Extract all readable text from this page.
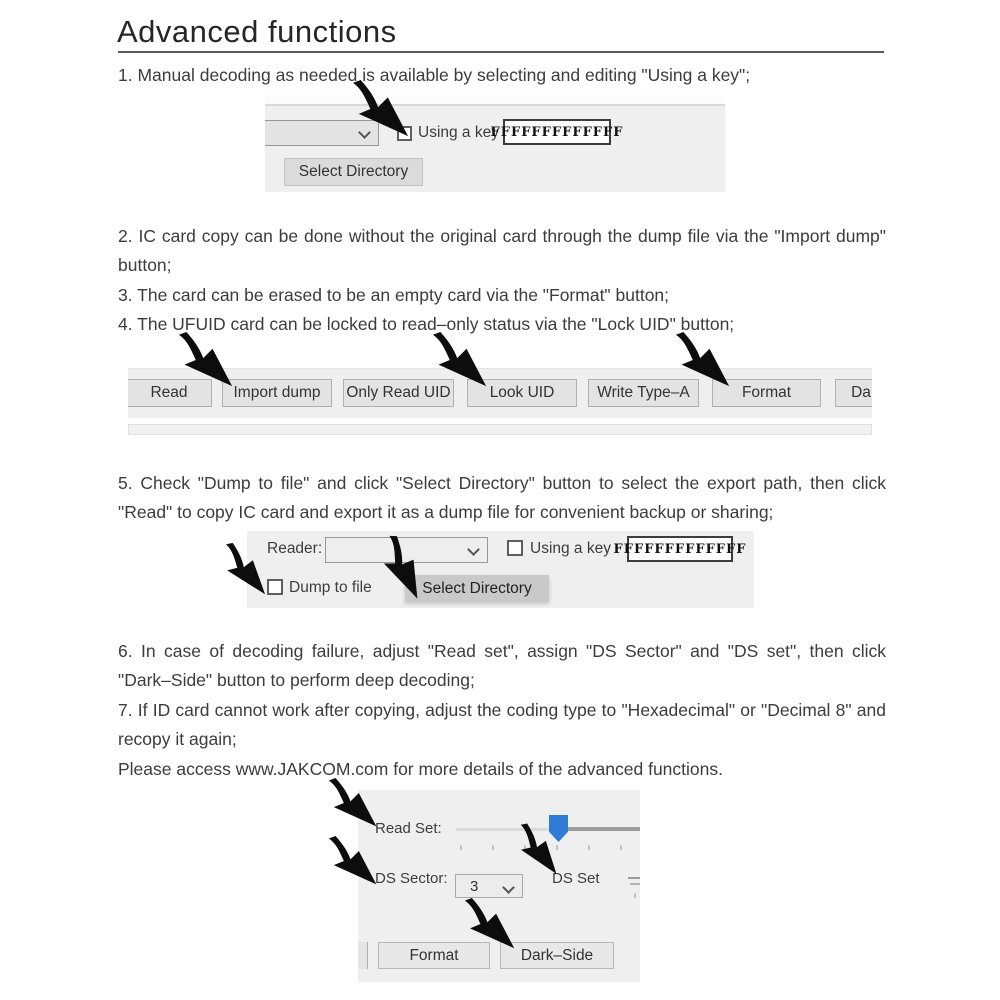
Advanced functions

1. Manual decoding as needed is available by selecting and editing "Using a key";

Using a key
FFFFFFFFFFFFF
Select Directory

2. IC card copy can be done without the original card through the dump file via the "Import dump" button;

3. The card can be erased to be an empty card via the "Format" button;

4. The UFUID card can be locked to read–only status via the "Lock UID" button;

Read	Import dump	Only Read UID	Look UID	Write Type–A	Format	Da

5. Check "Dump to file" and click "Select Directory" button to select the export path, then click "Read" to copy IC card and export it as a dump file for convenient backup or sharing;

Reader:	Using a key FFFFFFFFFFFFF
Dump to file	Select Directory

6. In case of decoding failure, adjust "Read set", assign "DS Sector" and "DS set", then click "Dark–Side" button to perform deep decoding;

7. If ID card cannot work after copying, adjust the coding type to "Hexadecimal" or "Decimal 8" and recopy it again;

Please access www.JAKCOM.com for more details of the advanced functions.

Read Set:
DS Sector: 3	DS Set
Format	Dark–Side
